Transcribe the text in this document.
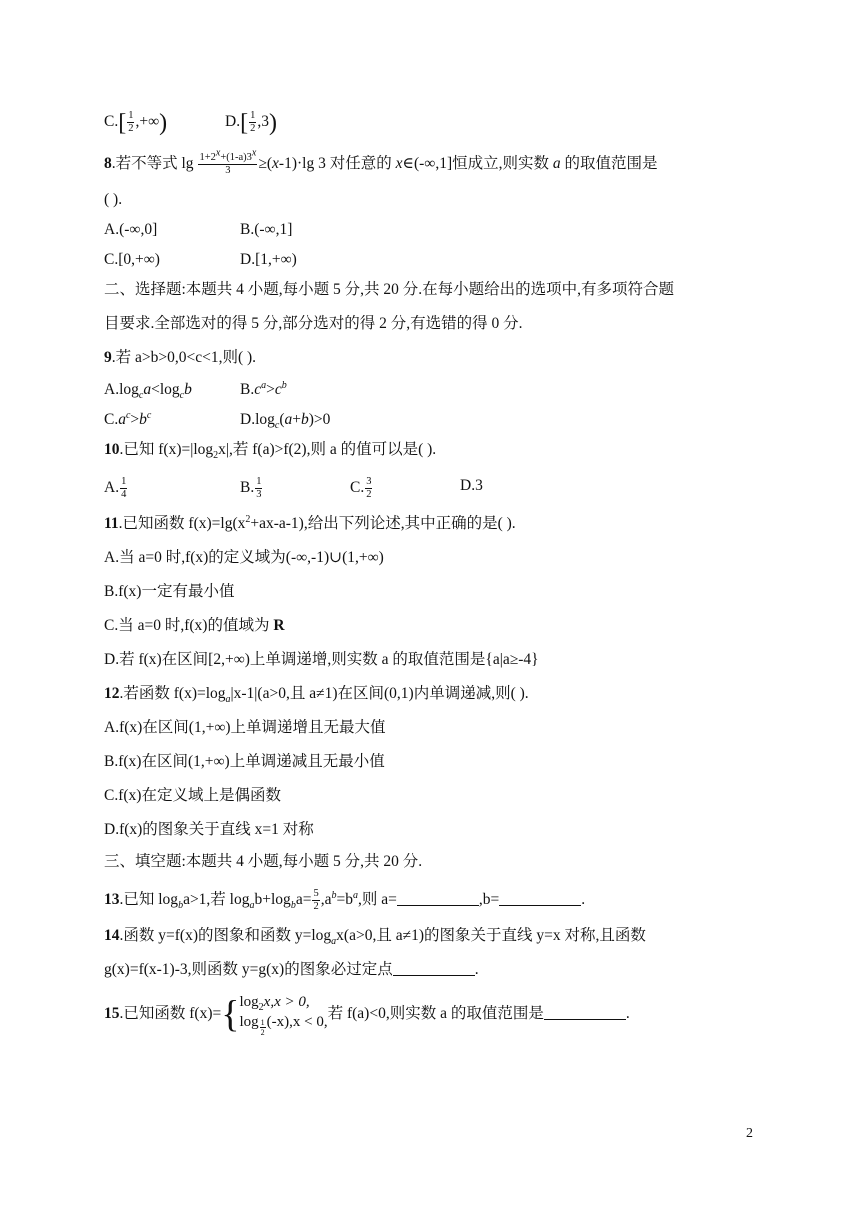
$C.[ \frac{1}{2}$ ,+∞)	$D.[ \frac{1}{2} ,3)$
8.若不等式 $\lg \frac{1+2^x+(1-a)3^x}{3} \ge(x-1)\cdot\lg$ 3 对任意的 x∈(-∞,1]恒成立,则实数 a 的取值范围是
( ).
A.(-∞,0]	B.(-∞,1]
C.[0,+∞)	D.[1,+∞)
二、选择题:本题共 4 小题,每小题 5 分,共 20 分.在每小题给出的选项中,有多项符合题
目要求.全部选对的得 5 分,部分选对的得 2 分,有选错的得 0 分.
9.若 a>b>0,0<c<1,则( ).
$A.\log_ca<\log_cb$	$B.c^a>c^b$
$C.a^c>b^c$	$D.\log_c(a+b)>0$
10.已知 $f(x)=|\log_2x|$,若 f(a)>f(2),则 a 的值可以是( ).
A. $\frac{1}{4}$	B. $\frac{1}{3}$	C. $\frac{3}{2}$	D.3
11.已知函数 $f(x)=\lg(x^2+ax-a-1)$,给出下列论述,其中正确的是( ).
A.当 a=0 时,f(x)的定义域为(-∞,-1)∪(1,+∞)
B.f(x)一定有最小值
C.当 a=0 时,f(x)的值域为 R
D.若 f(x)在区间[2,+∞)上单调递增,则实数 a 的取值范围是{a|a≥-4}
12.若函数 $f(x)=\log_a|x-1|(a>0$,且 a≠1)在区间(0,1)内单调递减,则( ).
A.f(x)在区间(1,+∞)上单调递增且无最大值
B.f(x)在区间(1,+∞)上单调递减且无最小值
C.f(x)在定义域上是偶函数
D.f(x)的图象关于直线 x=1 对称
三、填空题:本题共 4 小题,每小题 5 分,共 20 分.
13.已知 $\log_ba>1$,若 $\log_ab+\log_ba= \frac{5}{2} ,a^b=b^a$,则 a=	,b=	.
14.函数 y=f(x)的图象和函数 $y=\log_ax(a>0$,且 a≠1)的图象关于直线 y=x 对称,且函数
g(x)=f(x-1)-3,则函数 y=g(x)的图象必过定点	.
15.已知函数 f(x)={ $\log_2x,x > 0$,
log $_{\frac{1}{2}}$ (-x),x < 0, 若 f(a)<0,则实数 a 的取值范围是	.
2
